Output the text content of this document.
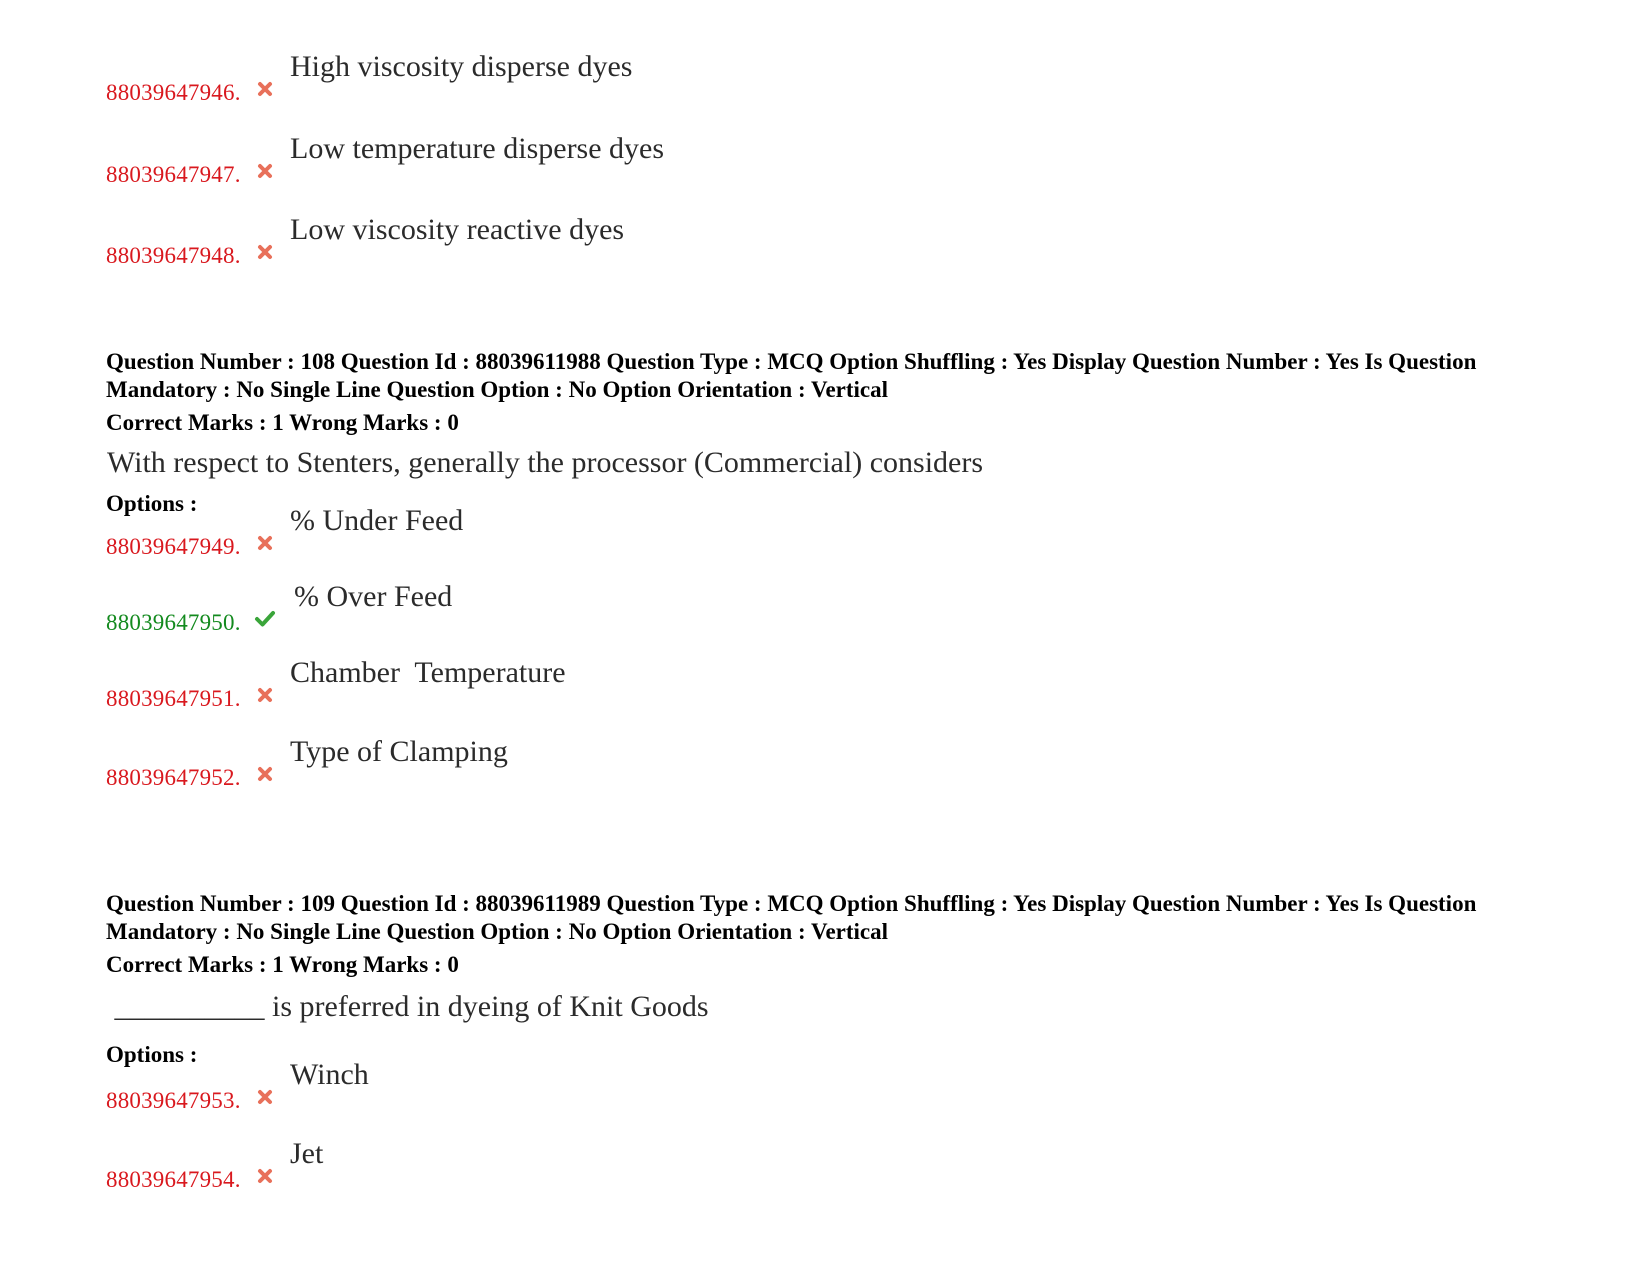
88039647946.
High viscosity disperse dyes
88039647947.
Low temperature disperse dyes
88039647948.
Low viscosity reactive dyes
Question Number : 108 Question Id : 88039611988 Question Type : MCQ Option Shuffling : Yes Display Question Number : Yes Is Question Mandatory : No Single Line Question Option : No Option Orientation : Vertical
Correct Marks : 1 Wrong Marks : 0
With respect to Stenters, generally the processor (Commercial) considers
Options :
88039647949.
% Under Feed
88039647950.
% Over Feed
88039647951.
Chamber  Temperature
88039647952.
Type of Clamping
Question Number : 109 Question Id : 88039611989 Question Type : MCQ Option Shuffling : Yes Display Question Number : Yes Is Question Mandatory : No Single Line Question Option : No Option Orientation : Vertical
Correct Marks : 1 Wrong Marks : 0
__________ is preferred in dyeing of Knit Goods
Options :
88039647953.
Winch
88039647954.
Jet
